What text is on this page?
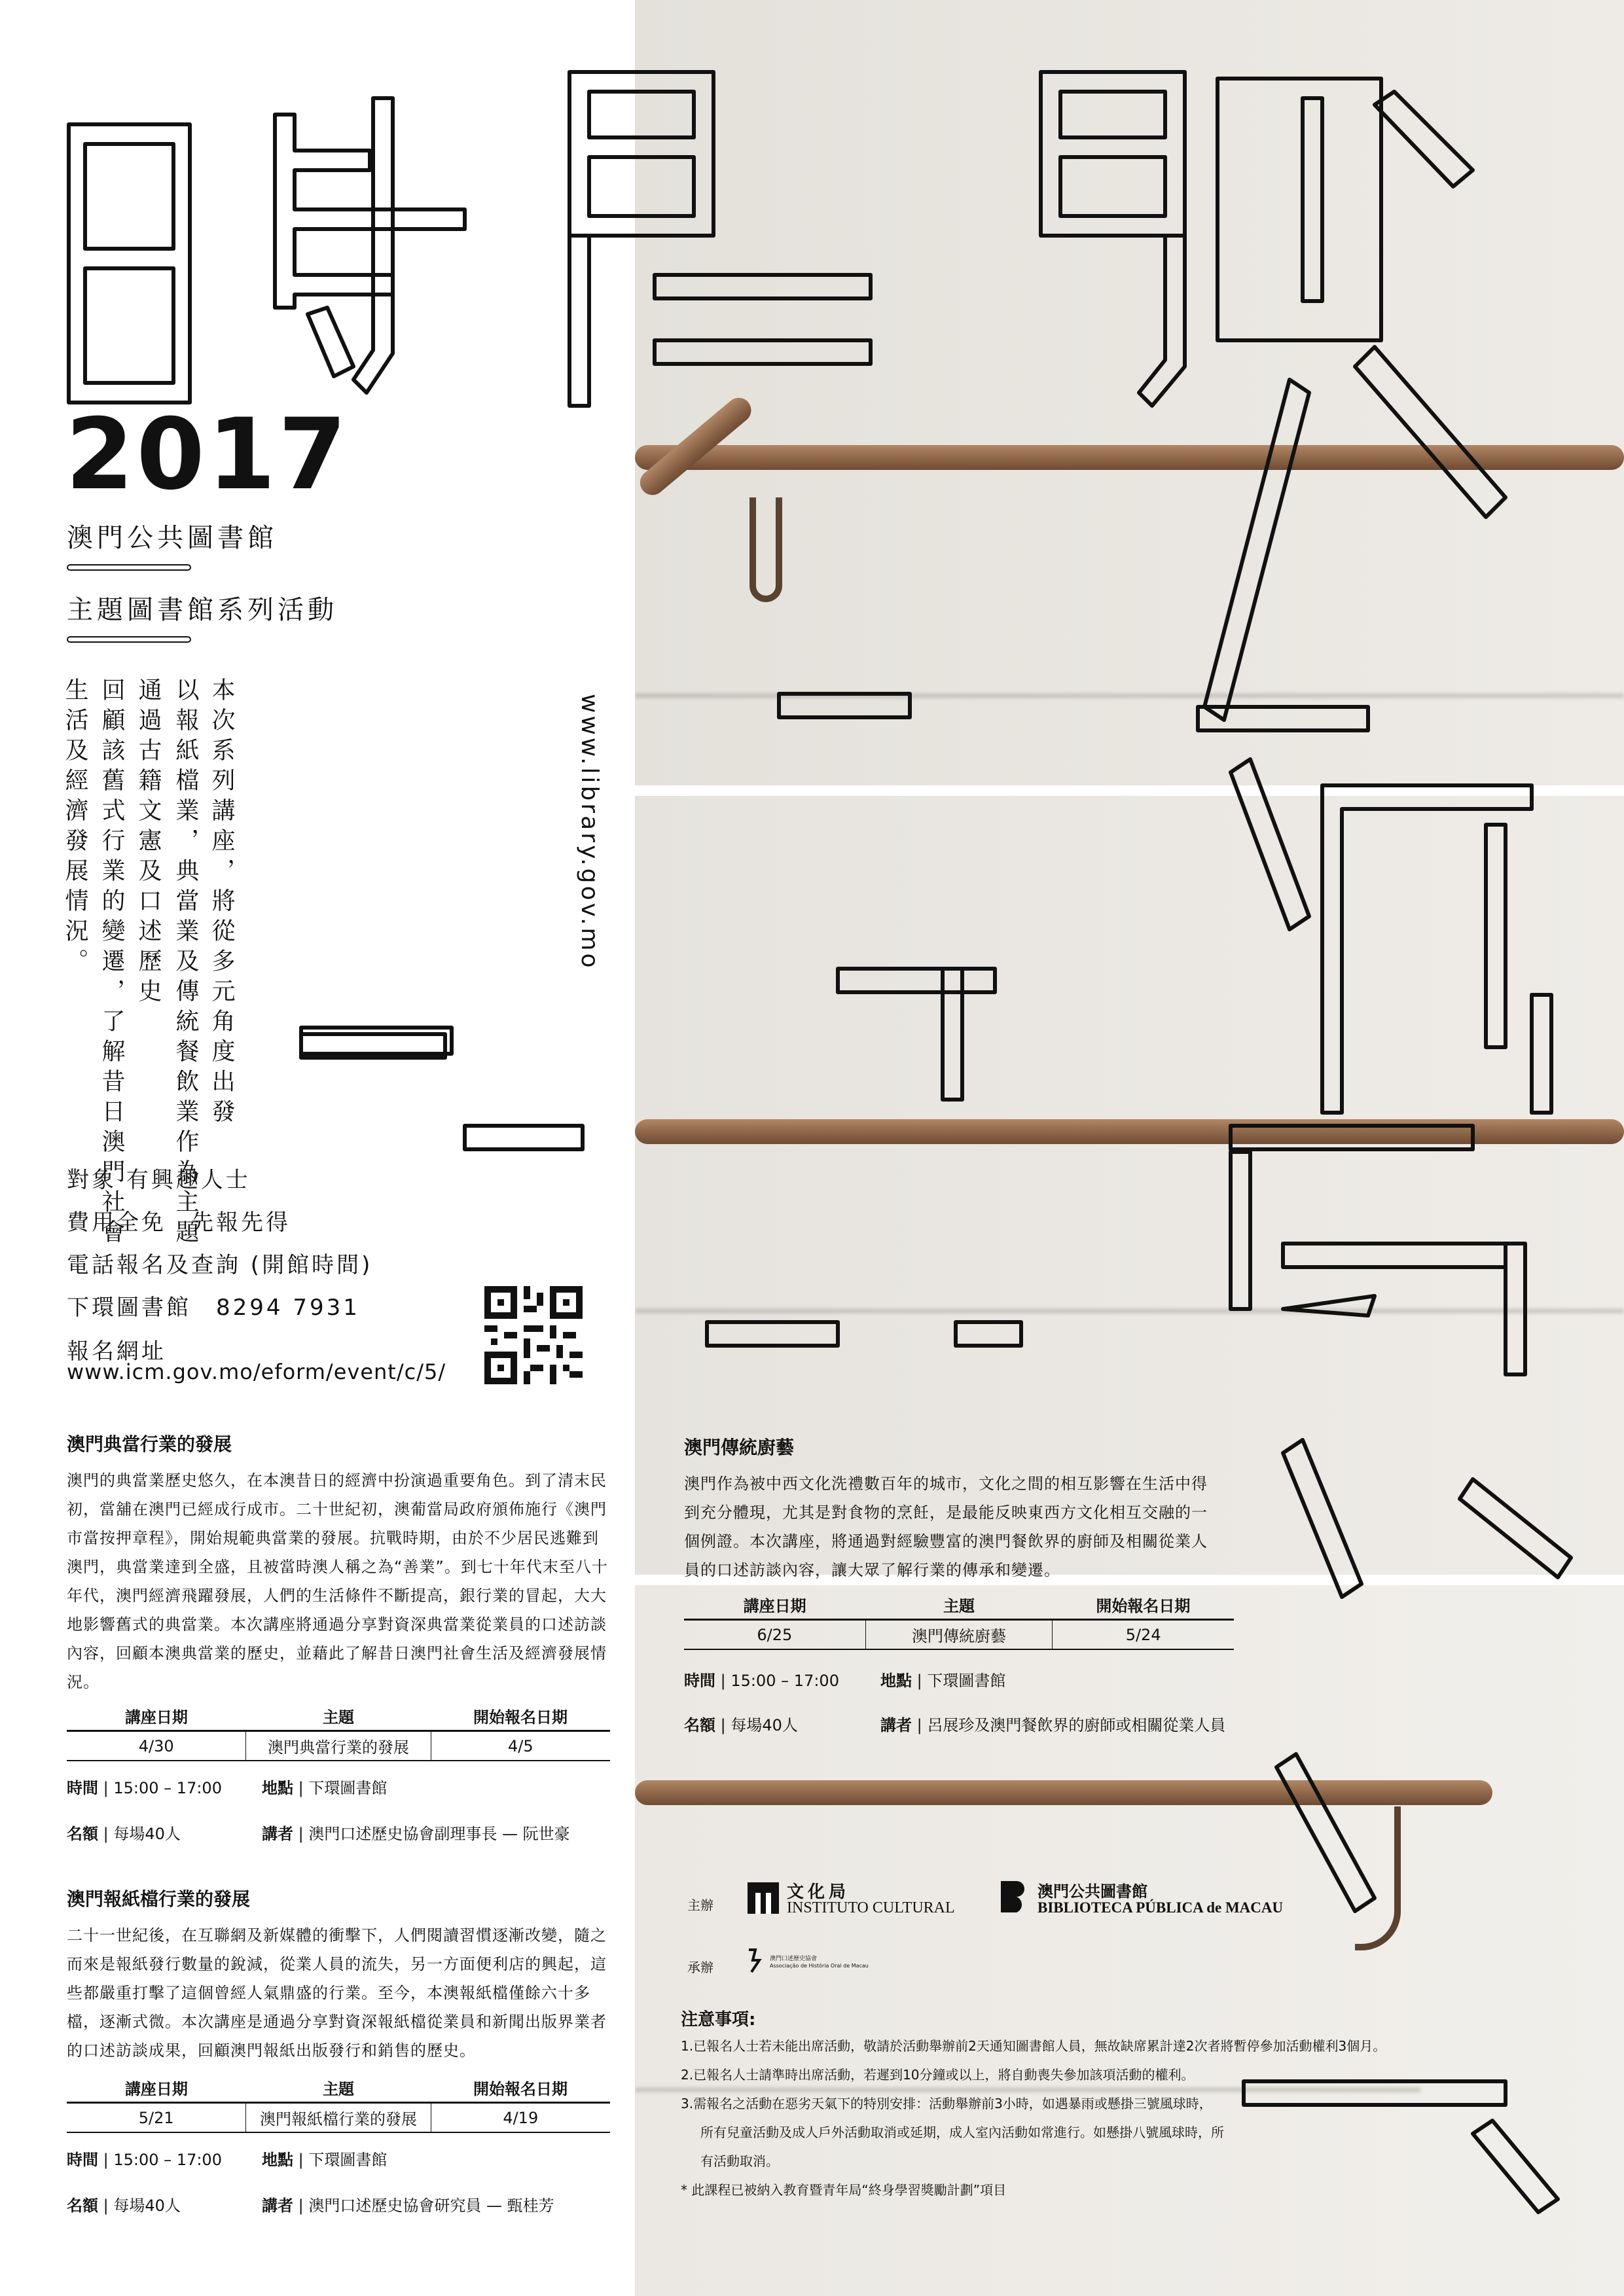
2017
澳門公共圖書館
主題圖書館系列活動
本次系列講座，將從多元角度出發
以報紙檔業，典當業及傳統餐飲業作為主題
通過古籍文憲及口述歷史
回顧該舊式行業的變遷，了解昔日澳門社會
生活及經濟發展情況。	www.library.gov.mo
對象 有興趣人士
費用全免　先報先得
電話報名及查詢 (開館時間)
下環圖書館　8294 7931
報名網址
www.icm.gov.mo/eform/event/c/5/
澳門典當行業的發展
澳門的典當業歷史悠久，在本澳昔日的經濟中扮演過重要角色。到了清末民初，當舖在澳門已經成行成市。二十世紀初，澳葡當局政府頒佈施行《澳門市當按押章程》，開始規範典當業的發展。抗戰時期，由於不少居民逃難到澳門，典當業達到全盛，且被當時澳人稱之為“善業”。到七十年代末至八十年代，澳門經濟飛躍發展，人們的生活條件不斷提高，銀行業的冒起，大大地影響舊式的典當業。本次講座將通過分享對資深典當業從業員的口述訪談內容，回顧本澳典當業的歷史，並藉此了解昔日澳門社會生活及經濟發展情況。
講座日期	主題	開始報名日期
4/30	澳門典當行業的發展	4/5
時間 | 15:00 – 17:00	地點 | 下環圖書館
名額 | 每場40人	講者 | 澳門口述歷史協會副理事長 — 阮世豪
澳門報紙檔行業的發展
二十一世紀後，在互聯網及新媒體的衝擊下，人們閱讀習慣逐漸改變，隨之而來是報紙發行數量的銳減，從業人員的流失，另一方面便利店的興起，這些都嚴重打擊了這個曾經人氣鼎盛的行業。至今，本澳報紙檔僅餘六十多檔，逐漸式微。本次講座是通過分享對資深報紙檔從業員和新聞出版界業者的口述訪談成果，回顧澳門報紙出版發行和銷售的歷史。
講座日期	主題	開始報名日期
5/21	澳門報紙檔行業的發展	4/19
時間 | 15:00 – 17:00	地點 | 下環圖書館
名額 | 每場40人	講者 | 澳門口述歷史協會研究員 — 甄桂芳
澳門傳統廚藝
澳門作為被中西文化洗禮數百年的城市，文化之間的相互影響在生活中得到充分體現，尤其是對食物的烹飪，是最能反映東西方文化相互交融的一個例證。本次講座，將通過對經驗豐富的澳門餐飲界的廚師及相關從業人員的口述訪談內容，讓大眾了解行業的傳承和變遷。
講座日期	主題	開始報名日期
6/25	澳門傳統廚藝	5/24
時間 | 15:00 – 17:00	地點 | 下環圖書館
名額 | 每場40人	講者 | 呂展珍及澳門餐飲界的廚師或相關從業人員
主辦
文化局
INSTITUTO CULTURAL
澳門公共圖書館
BIBLIOTECA PÚBLICA de MACAU
承辦
澳門口述歷史協會
Associação de História Oral de Macau
注意事項:
1.已報名人士若未能出席活動，敬請於活動舉辦前2天通知圖書館人員，無故缺席累計達2次者將暫停參加活動權利3個月。
2.已報名人士請準時出席活動，若遲到10分鐘或以上，將自動喪失參加該項活動的權利。
3.需報名之活動在惡劣天氣下的特別安排：活動舉辦前3小時，如遇暴雨或懸掛三號風球時，
所有兒童活動及成人戶外活動取消或延期，成人室內活動如常進行。如懸掛八號風球時，所
有活動取消。
* 此課程已被納入教育暨青年局“終身學習獎勵計劃”項目
